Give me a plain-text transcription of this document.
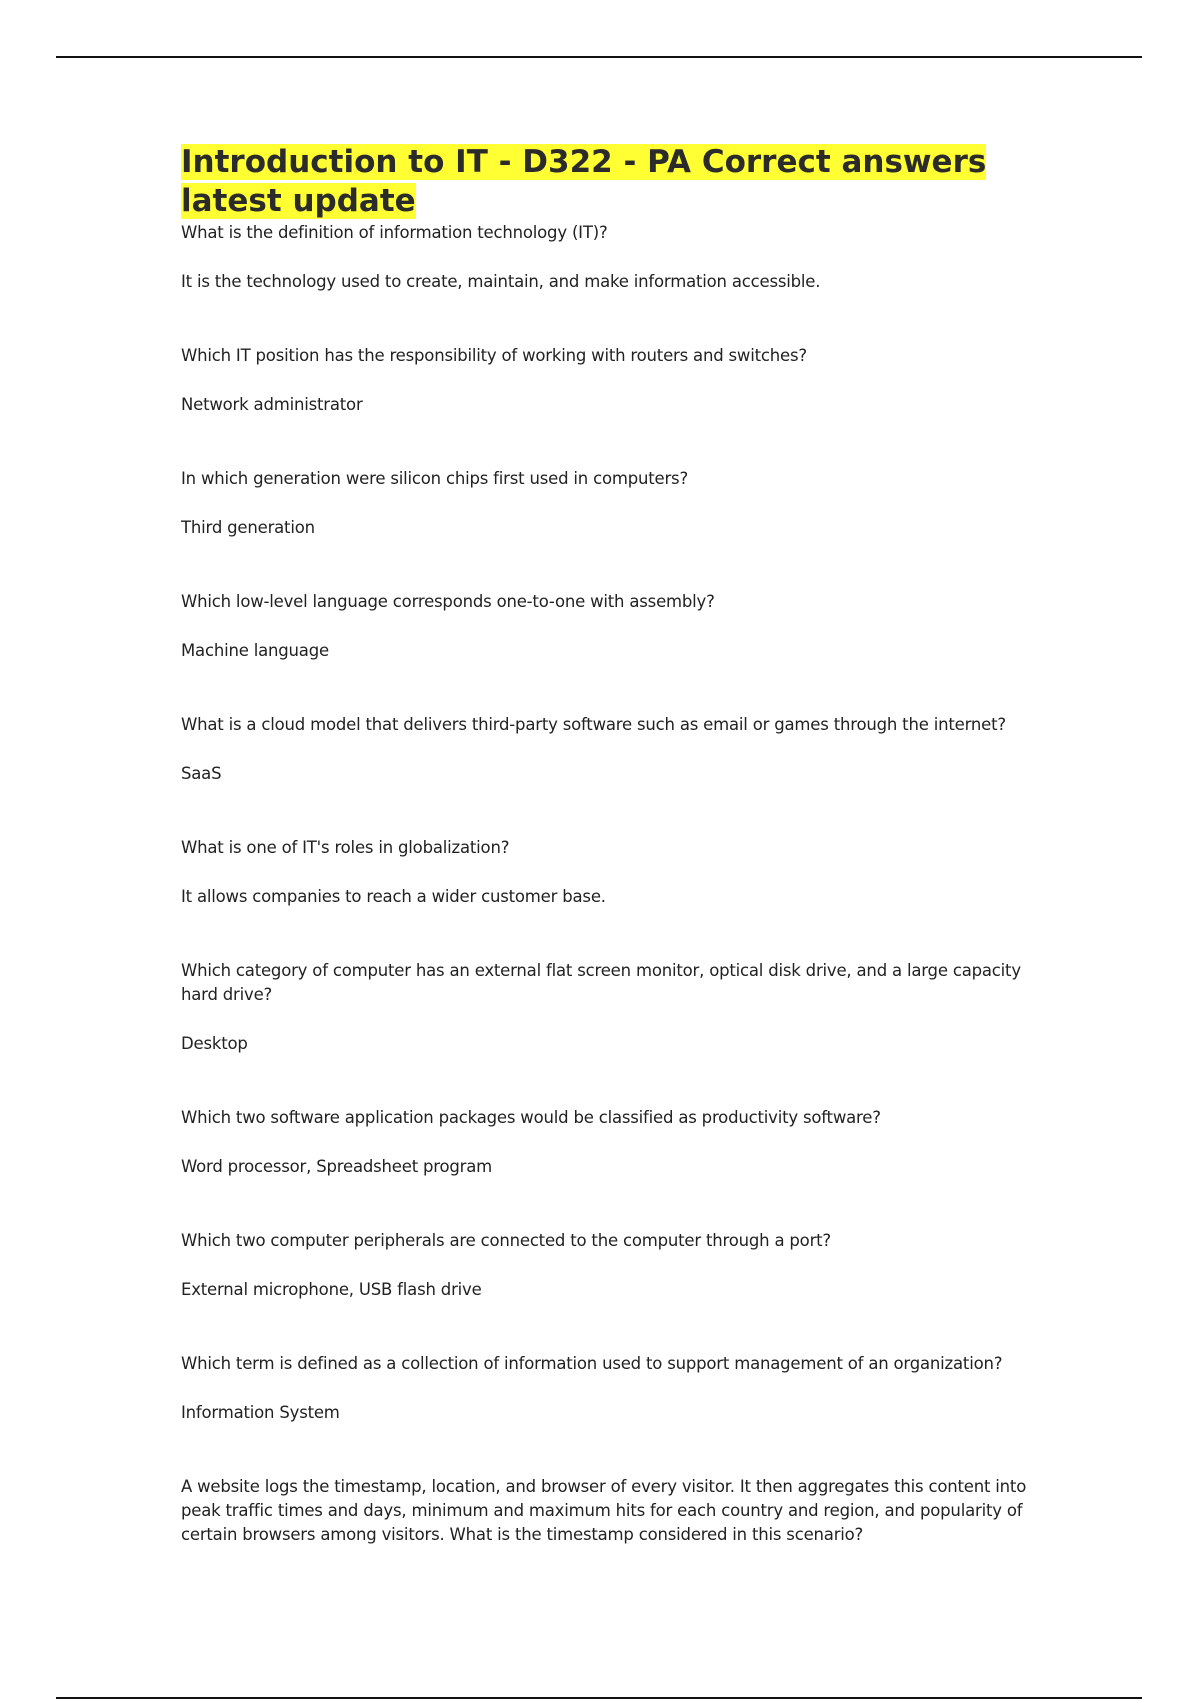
Introduction to IT - D322 - PA Correct answers latest update

What is the definition of information technology (IT)?

It is the technology used to create, maintain, and make information accessible.

Which IT position has the responsibility of working with routers and switches?

Network administrator

In which generation were silicon chips first used in computers?

Third generation

Which low-level language corresponds one-to-one with assembly?

Machine language

What is a cloud model that delivers third-party software such as email or games through the internet?

SaaS

What is one of IT's roles in globalization?

It allows companies to reach a wider customer base.

Which category of computer has an external flat screen monitor, optical disk drive, and a large capacity hard drive?

Desktop

Which two software application packages would be classified as productivity software?

Word processor, Spreadsheet program

Which two computer peripherals are connected to the computer through a port?

External microphone, USB flash drive

Which term is defined as a collection of information used to support management of an organization?

Information System

A website logs the timestamp, location, and browser of every visitor. It then aggregates this content into peak traffic times and days, minimum and maximum hits for each country and region, and popularity of certain browsers among visitors. What is the timestamp considered in this scenario?
